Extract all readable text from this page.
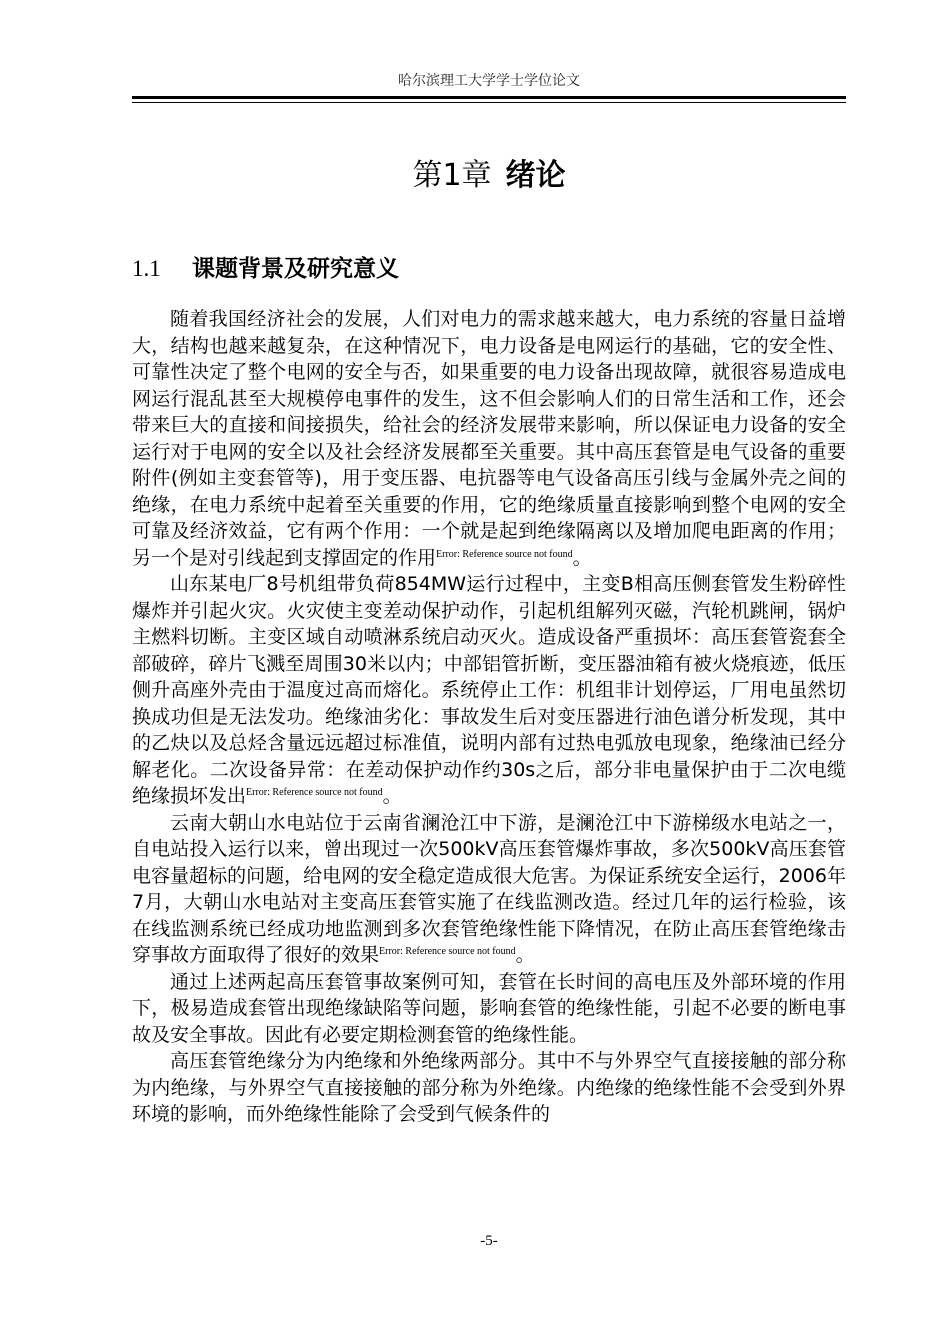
哈尔滨理工大学学士学位论文
第1章 绪论
1.1 课题背景及研究意义

随着我国经济社会的发展，人们对电力的需求越来越大，电力系统的容量日益增大，结构也越来越复杂，在这种情况下，电力设备是电网运行的基础，它的安全性、可靠性决定了整个电网的安全与否，如果重要的电力设备出现故障，就很容易造成电网运行混乱甚至大规模停电事件的发生，这不但会影响人们的日常生活和工作，还会带来巨大的直接和间接损失，给社会的经济发展带来影响，所以保证电力设备的安全运行对于电网的安全以及社会经济发展都至关重要。其中高压套管是电气设备的重要附件(例如主变套管等)，用于变压器、电抗器等电气设备高压引线与金属外壳之间的绝缘，在电力系统中起着至关重要的作用，它的绝缘质量直接影响到整个电网的安全可靠及经济效益，它有两个作用：一个就是起到绝缘隔离以及增加爬电距离的作用；另一个是对引线起到支撑固定的作用$^{Error: Reference source not found}$。

山东某电厂8号机组带负荷854MW运行过程中，主变B相高压侧套管发生粉碎性爆炸并引起火灾。火灾使主变差动保护动作，引起机组解列灭磁，汽轮机跳闸，锅炉主燃料切断。主变区域自动喷淋系统启动灭火。造成设备严重损坏：高压套管瓷套全部破碎，碎片飞溅至周围30米以内；中部铝管折断，变压器油箱有被火烧痕迹，低压侧升高座外壳由于温度过高而熔化。系统停止工作：机组非计划停运，厂用电虽然切换成功但是无法发功。绝缘油劣化：事故发生后对变压器进行油色谱分析发现，其中的乙炔以及总烃含量远远超过标准值，说明内部有过热电弧放电现象，绝缘油已经分解老化。二次设备异常：在差动保护动作约30s之后，部分非电量保护由于二次电缆绝缘损坏发出$^{Error: Reference source not found}$。

云南大朝山水电站位于云南省澜沧江中下游，是澜沧江中下游梯级水电站之一，自电站投入运行以来，曾出现过一次500kV高压套管爆炸事故，多次500kV高压套管电容量超标的问题，给电网的安全稳定造成很大危害。为保证系统安全运行，2006年7月，大朝山水电站对主变高压套管实施了在线监测改造。经过几年的运行检验，该在线监测系统已经成功地监测到多次套管绝缘性能下降情况，在防止高压套管绝缘击穿事故方面取得了很好的效果$^{Error: Reference source not found}$。

通过上述两起高压套管事故案例可知，套管在长时间的高电压及外部环境的作用下，极易造成套管出现绝缘缺陷等问题，影响套管的绝缘性能，引起不必要的断电事故及安全事故。因此有必要定期检测套管的绝缘性能。

高压套管绝缘分为内绝缘和外绝缘两部分。其中不与外界空气直接接触的部分称为内绝缘，与外界空气直接接触的部分称为外绝缘。内绝缘的绝缘性能不会受到外界环境的影响，而外绝缘性能除了会受到气候条件的

-5-
